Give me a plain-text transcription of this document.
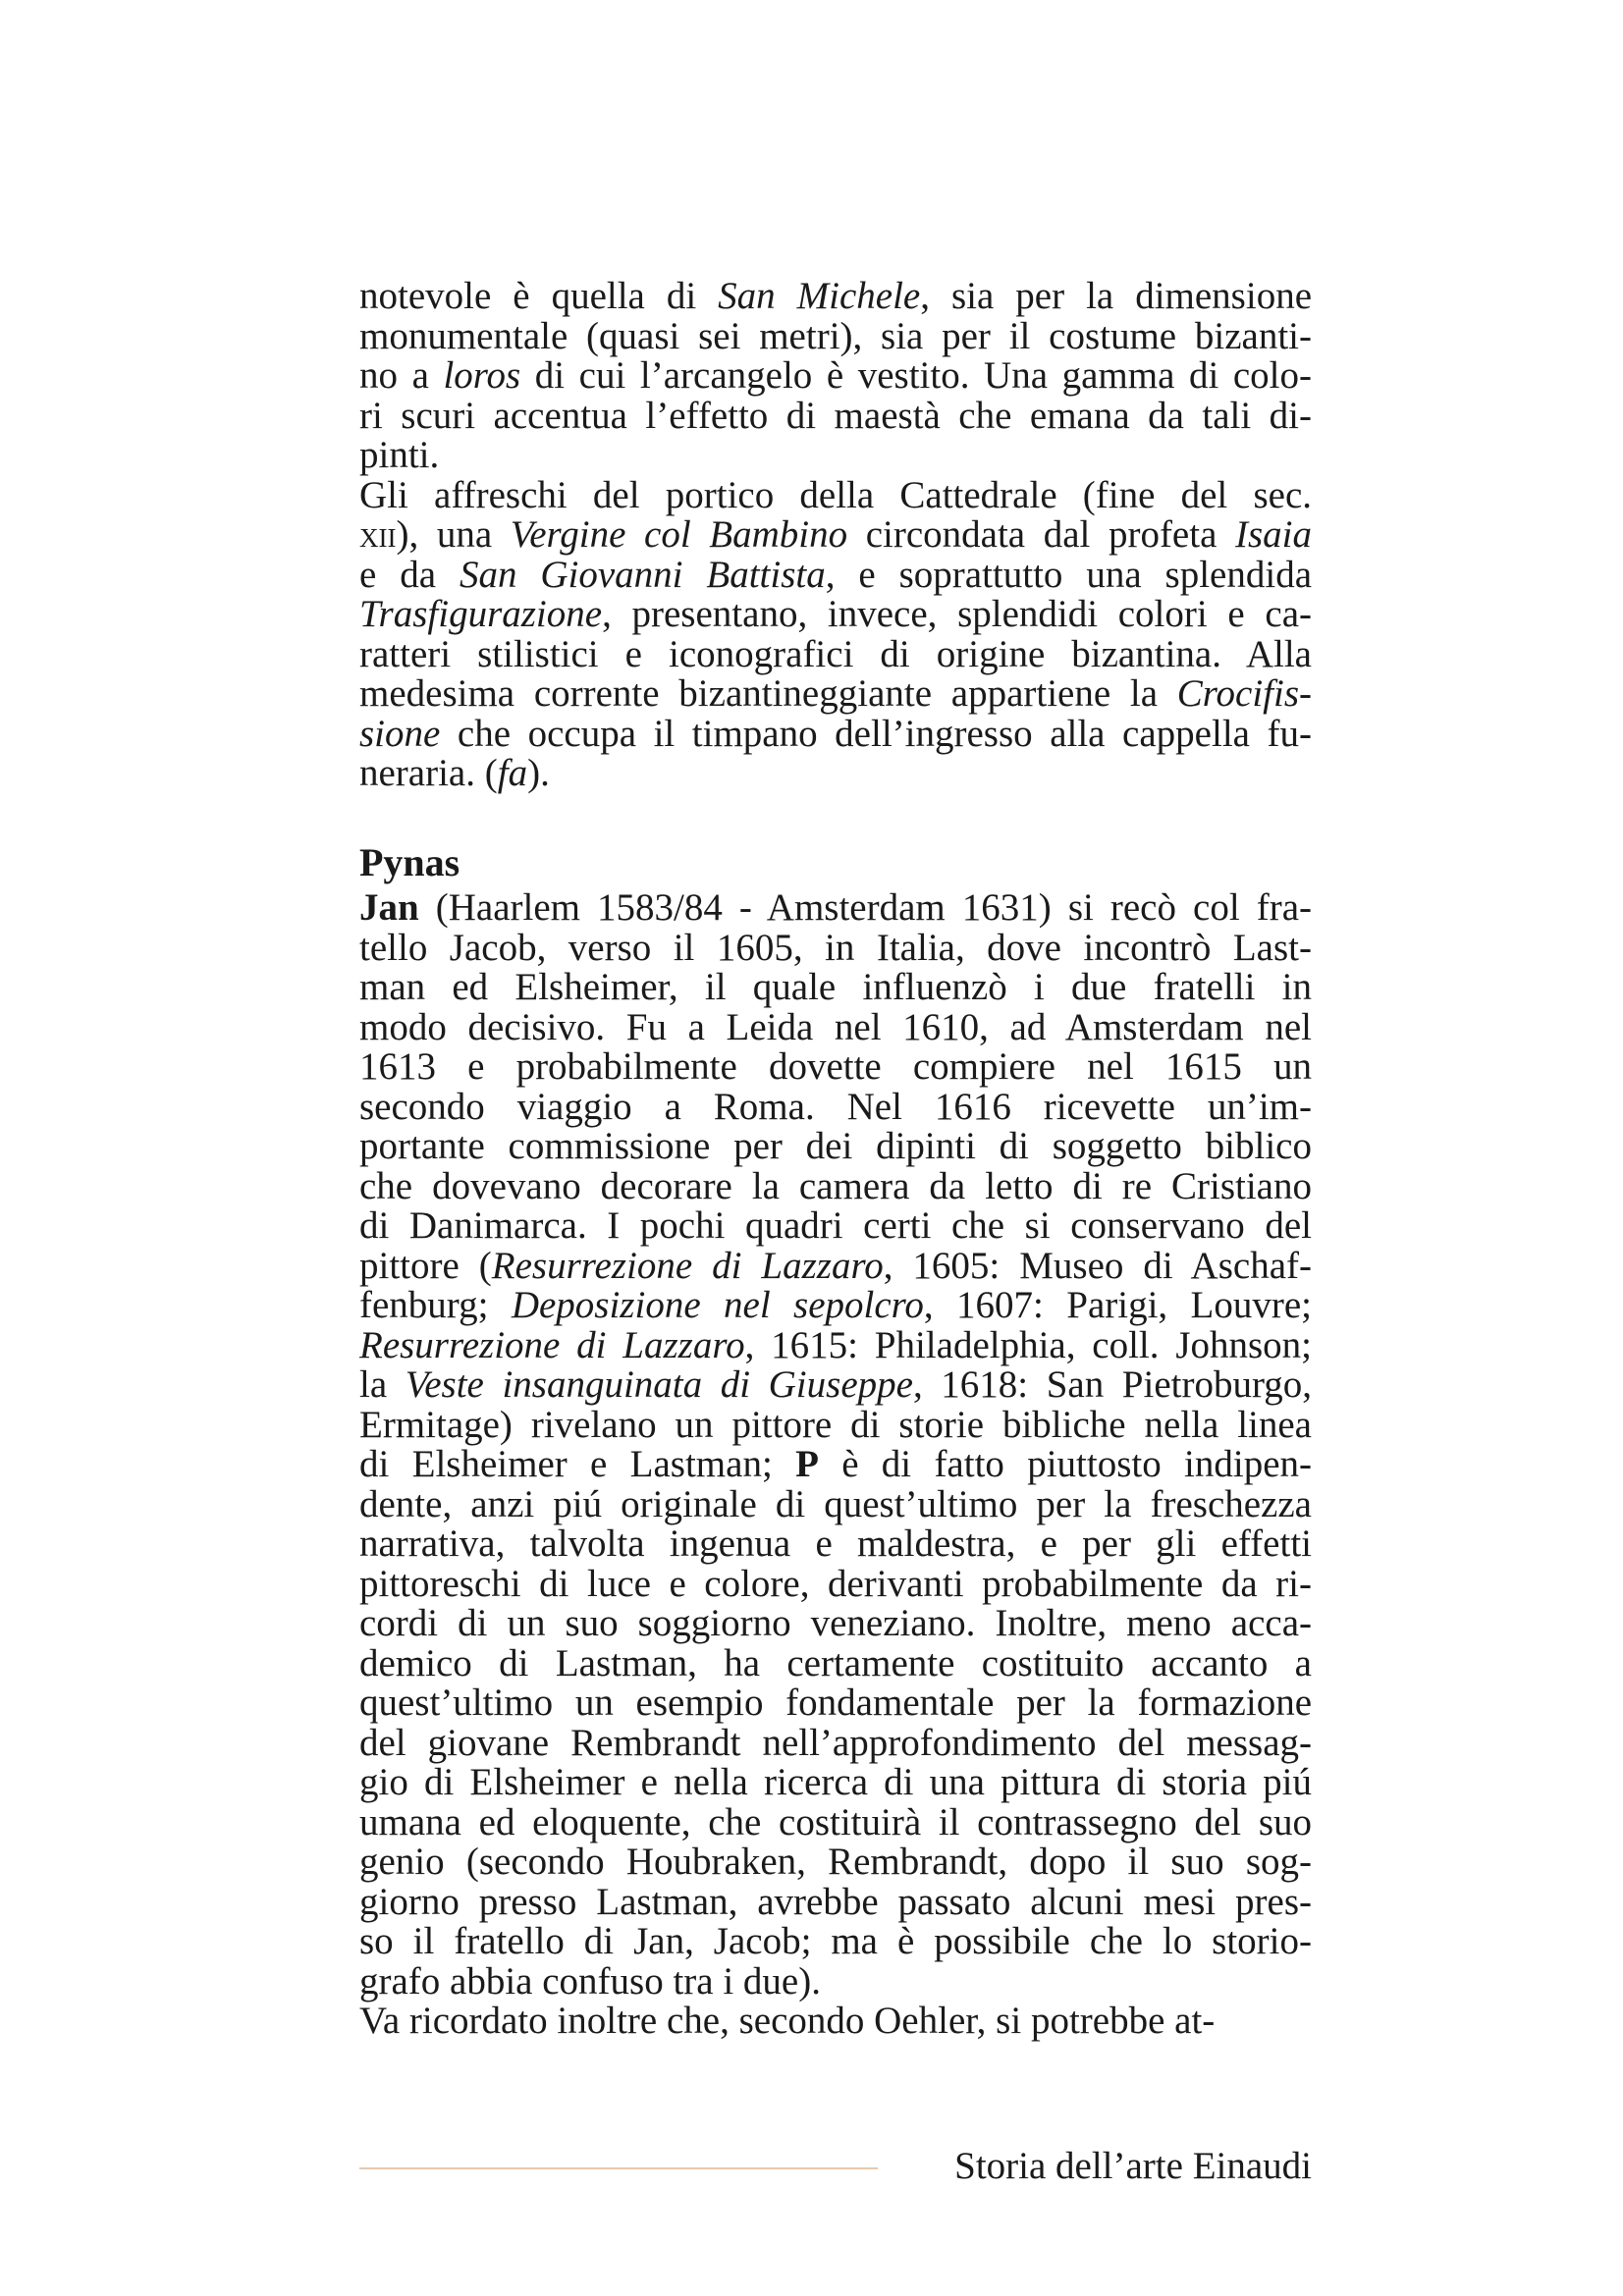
notevole è quella di San Michele, sia per la dimensione
monumentale (quasi sei metri), sia per il costume bizanti-
no a loros di cui l’arcangelo è vestito. Una gamma di colo-
ri scuri accentua l’effetto di maestà che emana da tali di-
pinti.
Gli affreschi del portico della Cattedrale (fine del sec.
xii), una Vergine col Bambino circondata dal profeta Isaia
e da San Giovanni Battista, e soprattutto una splendida
Trasfigurazione, presentano, invece, splendidi colori e ca-
ratteri stilistici e iconografici di origine bizantina. Alla
medesima corrente bizantineggiante appartiene la Crocifis-
sione che occupa il timpano dell’ingresso alla cappella fu-
neraria. (fa).
Pynas
Jan (Haarlem 1583/84 - Amsterdam 1631) si recò col fra-
tello Jacob, verso il 1605, in Italia, dove incontrò Last-
man ed Elsheimer, il quale influenzò i due fratelli in
modo decisivo. Fu a Leida nel 1610, ad Amsterdam nel
1613 e probabilmente dovette compiere nel 1615 un
secondo viaggio a Roma. Nel 1616 ricevette un’im-
portante commissione per dei dipinti di soggetto biblico
che dovevano decorare la camera da letto di re Cristiano
di Danimarca. I pochi quadri certi che si conservano del
pittore (Resurrezione di Lazzaro, 1605: Museo di Aschaf-
fenburg; Deposizione nel sepolcro, 1607: Parigi, Louvre;
Resurrezione di Lazzaro, 1615: Philadelphia, coll. Johnson;
la Veste insanguinata di Giuseppe, 1618: San Pietroburgo,
Ermitage) rivelano un pittore di storie bibliche nella linea
di Elsheimer e Lastman; P è di fatto piuttosto indipen-
dente, anzi piú originale di quest’ultimo per la freschezza
narrativa, talvolta ingenua e maldestra, e per gli effetti
pittoreschi di luce e colore, derivanti probabilmente da ri-
cordi di un suo soggiorno veneziano. Inoltre, meno acca-
demico di Lastman, ha certamente costituito accanto a
quest’ultimo un esempio fondamentale per la formazione
del giovane Rembrandt nell’approfondimento del messag-
gio di Elsheimer e nella ricerca di una pittura di storia piú
umana ed eloquente, che costituirà il contrassegno del suo
genio (secondo Houbraken, Rembrandt, dopo il suo sog-
giorno presso Lastman, avrebbe passato alcuni mesi pres-
so il fratello di Jan, Jacob; ma è possibile che lo storio-
grafo abbia confuso tra i due).
Va ricordato inoltre che, secondo Oehler, si potrebbe at-
Storia dell’arte Einaudi
